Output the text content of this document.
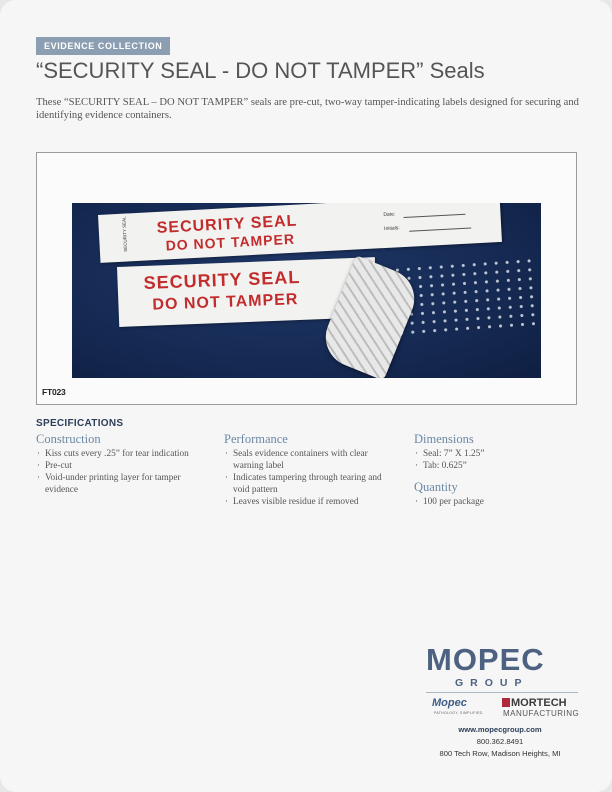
EVIDENCE COLLECTION
“SECURITY SEAL - DO NOT TAMPER” Seals

These “SECURITY SEAL – DO NOT TAMPER” seals are pre-cut, two-way tamper-indicating labels designed for securing and identifying evidence containers.

SECURITY SEAL SECURITY SEAL
DO NOT TAMPER
Date:
Initials:
SECURITY SEAL
DO NOT TAMPER
FT023
SPECIFICATIONS
Construction
· Kiss cuts every .25” for tear indication
· Pre-cut
· Void-under printing layer for tamper evidence
Performance
· Seals evidence containers with clear warning label
· Indicates tampering through tearing and void pattern
· Leaves visible residue if removed
Dimensions
· Seal: 7” X 1.25”
· Tab: 0.625”
Quantity
· 100 per package
MOPEC
GROUP
Mopec
PATHOLOGY, SIMPLIFIED.
MORTECH
MANUFACTURING
www.mopecgroup.com
800.362.8491
800 Tech Row, Madison Heights, MI
